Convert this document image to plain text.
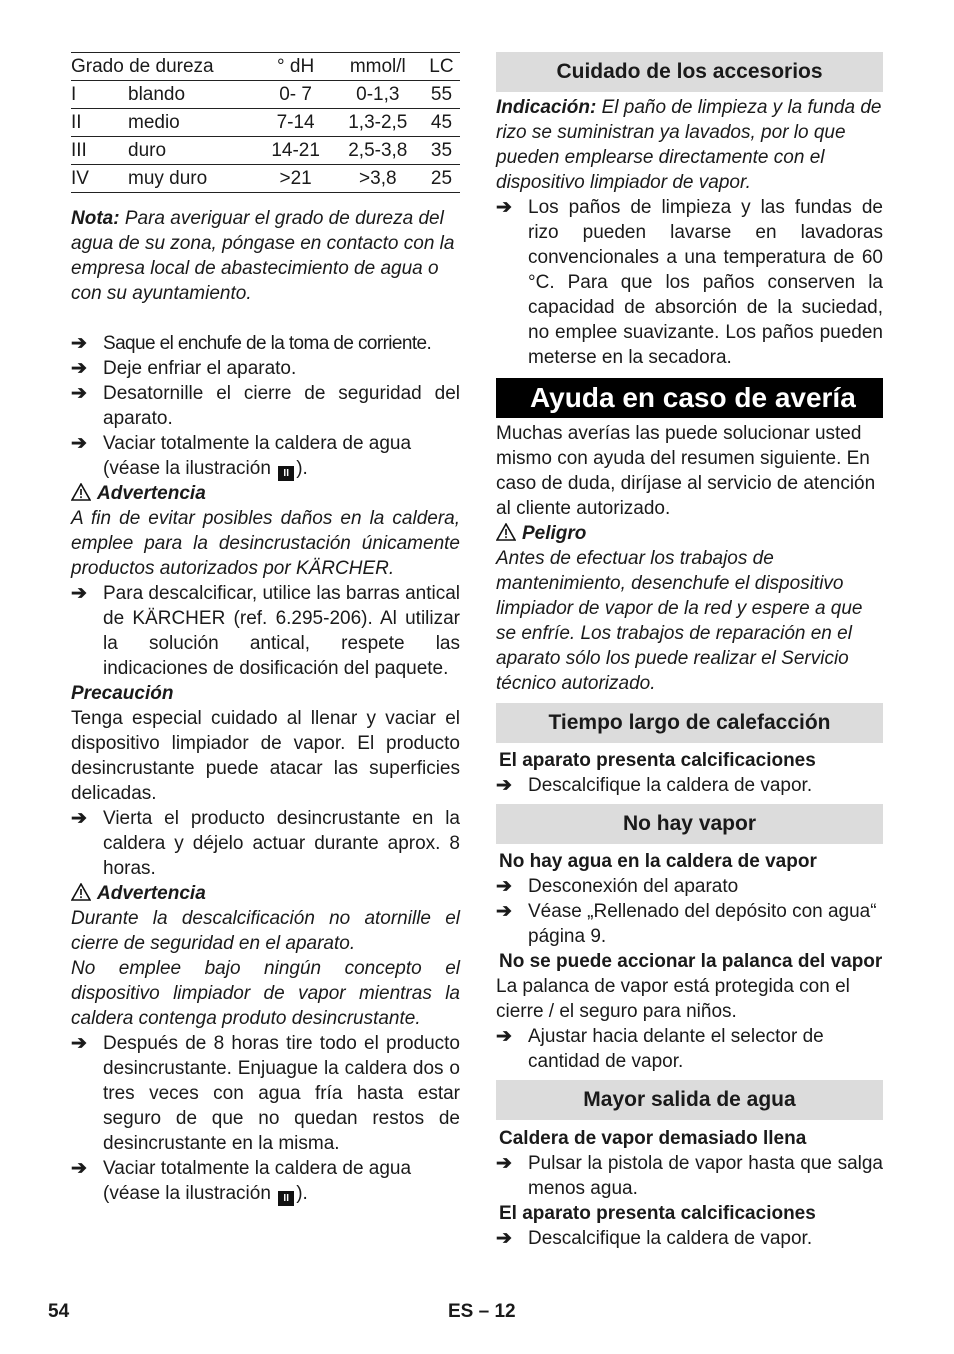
Grado de dureza		° dH	mmol/l	LC
I	blando	0- 7	0-1,3	55
II	medio	7-14	1,3-2,5	45
III	duro	14-21	2,5-3,8	35
IV	muy duro	>21	>3,8	25

Nota: Para averiguar el grado de dureza del agua de su zona, póngase en contacto con la empresa local de abastecimiento de agua o con su ayuntamiento.

➔ Saque el enchufe de la toma de corriente.
➔ Deje enfriar el aparato.
➔ Desatornille el cierre de seguridad del aparato.
➔ Vaciar totalmente la caldera de agua (véase la ilustración II ).
Advertencia

A fin de evitar posibles daños en la caldera, emplee para la desincrustación únicamente productos autorizados por KÄRCHER.

➔ Para descalcificar, utilice las barras antical de KÄRCHER (ref. 6.295-206). Al utilizar la solución antical, respete las indicaciones de dosificación del paquete.

Precaución

Tenga especial cuidado al llenar y vaciar el dispositivo limpiador de vapor. El producto desincrustante puede atacar las superficies delicadas.

➔ Vierta el producto desincrustante en la caldera y déjelo actuar durante aprox. 8 horas.
Advertencia

Durante la descalcificación no atornille el cierre de seguridad en el aparato.

No emplee bajo ningún concepto el dispositivo limpiador de vapor mientras la caldera contenga produto desincrustante.

➔ Después de 8 horas tire todo el producto desincrustante. Enjuague la caldera dos o tres veces con agua fría hasta estar seguro de que no quedan restos de desincrustante en la misma.
➔ Vaciar totalmente la caldera de agua (véase la ilustración II ).
Cuidado de los accesorios

Indicación: El paño de limpieza y la funda de rizo se suministran ya lavados, por lo que pueden emplearse directamente con el dispositivo limpiador de vapor.

➔ Los paños de limpieza y las fundas de rizo pueden lavarse en lavadoras convencionales a una temperatura de 60 °C. Para que los paños conserven la capacidad de absorción de la suciedad, no emplee suavizante. Los paños pueden meterse en la secadora.
Ayuda en caso de avería

Muchas averías las puede solucionar usted mismo con ayuda del resumen siguiente. En caso de duda, diríjase al servicio de atención al cliente autorizado.

Peligro

Antes de efectuar los trabajos de mantenimiento, desenchufe el dispositivo limpiador de vapor de la red y espere a que se enfríe. Los trabajos de reparación en el aparato sólo los puede realizar el Servicio técnico autorizado.

Tiempo largo de calefacción

El aparato presenta calcificaciones

➔ Descalcifique la caldera de vapor.
No hay vapor

No hay agua en la caldera de vapor

➔ Desconexión del aparato
➔ Véase „Rellenado del depósito con agua“ página 9.

No se puede accionar la palanca del vapor

La palanca de vapor está protegida con el cierre / el seguro para niños.

➔ Ajustar hacia delante el selector de cantidad de vapor.
Mayor salida de agua

Caldera de vapor demasiado llena

➔ Pulsar la pistola de vapor hasta que salga menos agua.

El aparato presenta calcificaciones

➔ Descalcifique la caldera de vapor.
54	ES – 12
